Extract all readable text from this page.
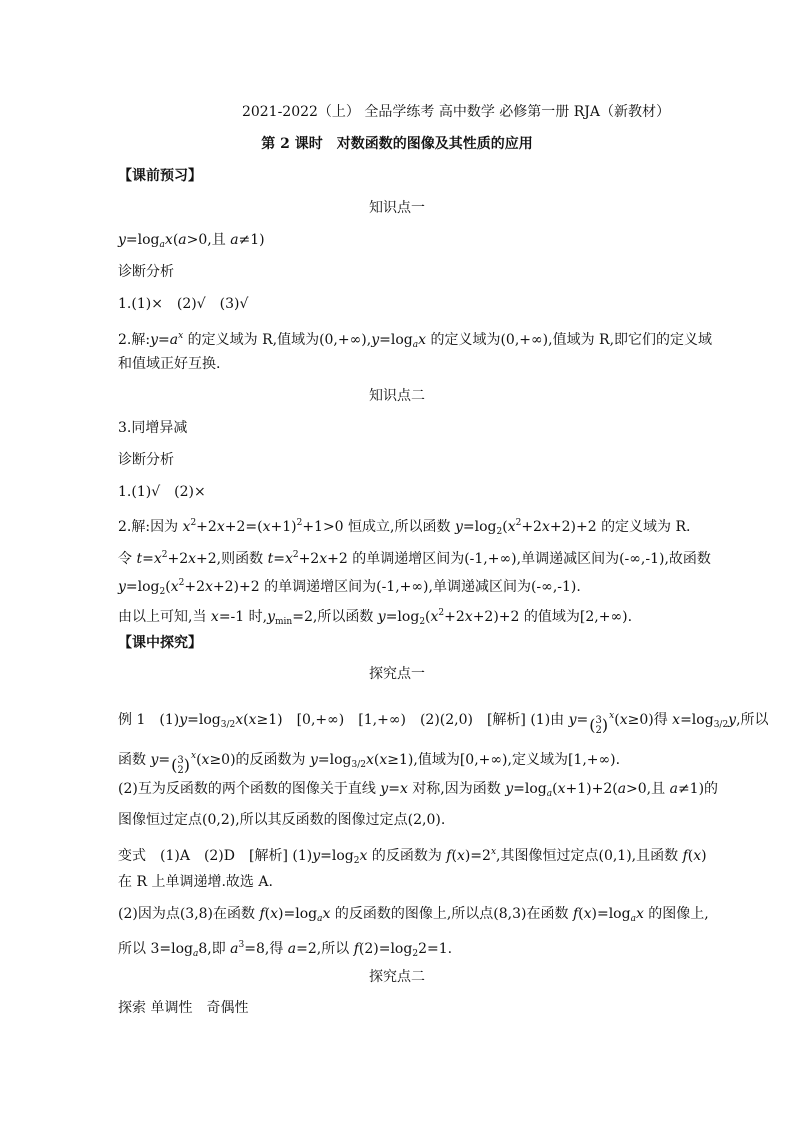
2021-2022（上） 全品学练考 高中数学 必修第一册 RJA（新教材）
第 2 课时　对数函数的图像及其性质的应用
【课前预习】
知识点一
$y=\log_ax(a>0$,且 a≠1)
诊断分析
1.(1)×　(2)√　(3)√
2.解$:y=a^x$ 的定义域为 R,值域为$(0,+\infty),y=\log_ax$ 的定义域为(0,+∞),值域为 R,即它们的定义域
和值域正好互换.
知识点二
3.同增异减
诊断分析
1.(1)√　(2)×
2.解:因为 $x^2+2x+2=(x+1)^2+1>0$ 恒成立,所以函数 $y=\log_2(x^2+2x+2)+2$ 的定义域为 R.
令 $t=x^2+2x+2$,则函数 $t=x^2+2x+2$ 的单调递增区间为(-1,+∞),单调递减区间为(-∞,-1),故函数
$y=\log_2(x^2+2x+2)+2$ 的单调递增区间为(-1,+∞),单调递减区间为(-∞,-1).
由以上可知,当 x=-1 时$,y_{min}=2$,所以函数 $y=\log_2(x^2+2x+2)+2$ 的值域为[2,+∞).
【课中探究】
探究点一
例 1　$(1)y=\log_{3/2}x(x\ge 1)$　[0,+∞)　[1,+∞)　(2)(2,0)　[解析] (1)由 y=( 3
2 )$^x$(x≥0)得 $x=\log_{3/2}y$,所以
函数 y=( 3
2 )$^x$(x≥0)的反函数为 $y=\log_{3/2}x(x\ge 1)$,值域为[0,+∞),定义域为[1,+∞).
(2)互为反函数的两个函数的图像关于直线 y=x 对称,因为函数 $y=\log_a(x+1)+2(a>0$,且 a≠1)的
图像恒过定点(0,2),所以其反函数的图像过定点(2,0).
变式　(1)A　(2)D　[解析] $(1)y=\log_2x$ 的反函数为 $f(x)=2^x$,其图像恒过定点(0,1),且函数 f(x)
在 R 上单调递增.故选 A.
(2)因为点(3,8)在函数 $f(x)=\log_ax$ 的反函数的图像上,所以点(8,3)在函数 $f(x)=\log_ax$ 的图像上,
所以 $3=\log_a8$,即 $a^3=8$,得 a=2,所以 $f(2)=\log_22=1$.
探究点二
探索 单调性　奇偶性
